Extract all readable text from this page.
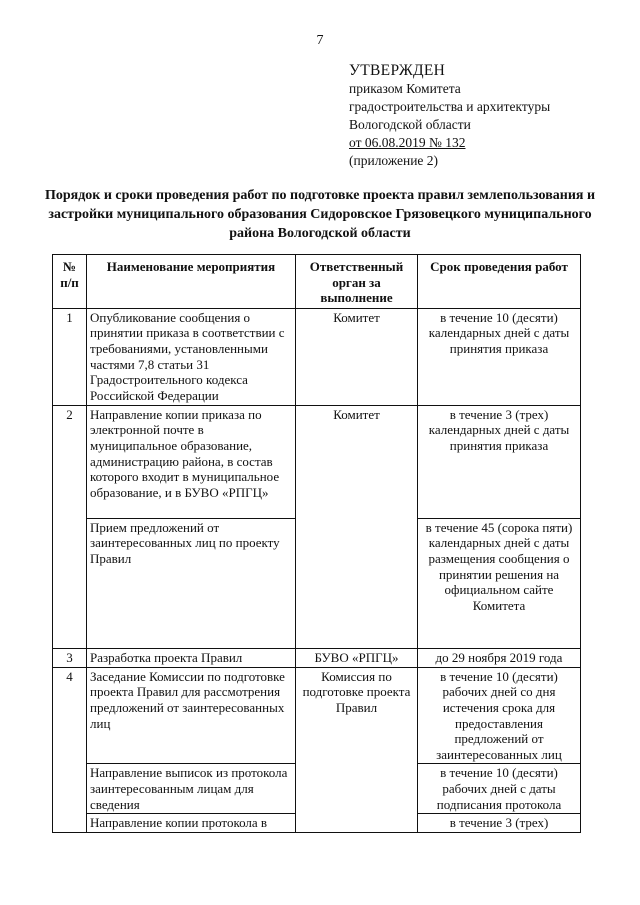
7
УТВЕРЖДЕН
приказом Комитета
градостроительства и архитектуры
Вологодской области
от 06.08.2019 № 132
(приложение 2)
Порядок и сроки проведения работ по подготовке проекта правил землепользования и застройки муниципального образования Сидоровское Грязовецкого муниципального района Вологодской области
№ п/п	Наименование мероприятия	Ответственный орган за выполнение	Срок проведения работ
1	Опубликование сообщения о принятии приказа в соответствии с требованиями, установленными частями 7,8 статьи 31 Градостроительного кодекса Российской Федерации	Комитет	в течение 10 (десяти) календарных дней с даты принятия приказа
2	Направление копии приказа по электронной почте в муниципальное образование, администрацию района, в состав которого входит в муниципальное образование, и в БУВО «РПГЦ»	Комитет	в течение 3 (трех) календарных дней с даты принятия приказа
	Прием предложений от заинтересованных лиц по проекту Правил		в течение 45 (сорока пяти) календарных дней с даты размещения сообщения о принятии решения на официальном сайте Комитета
3	Разработка проекта Правил	БУВО «РПГЦ»	до 29 ноября 2019 года
4	Заседание Комиссии по подготовке проекта Правил для рассмотрения предложений от заинтересованных лиц	Комиссия по подготовке проекта Правил	в течение 10 (десяти) рабочих дней со дня истечения срока для предоставления предложений от заинтересованных лиц
	Направление выписок из протокола заинтересованным лицам для сведения		в течение 10 (десяти) рабочих дней с даты подписания протокола
	Направление копии протокола в		в течение 3 (трех)
